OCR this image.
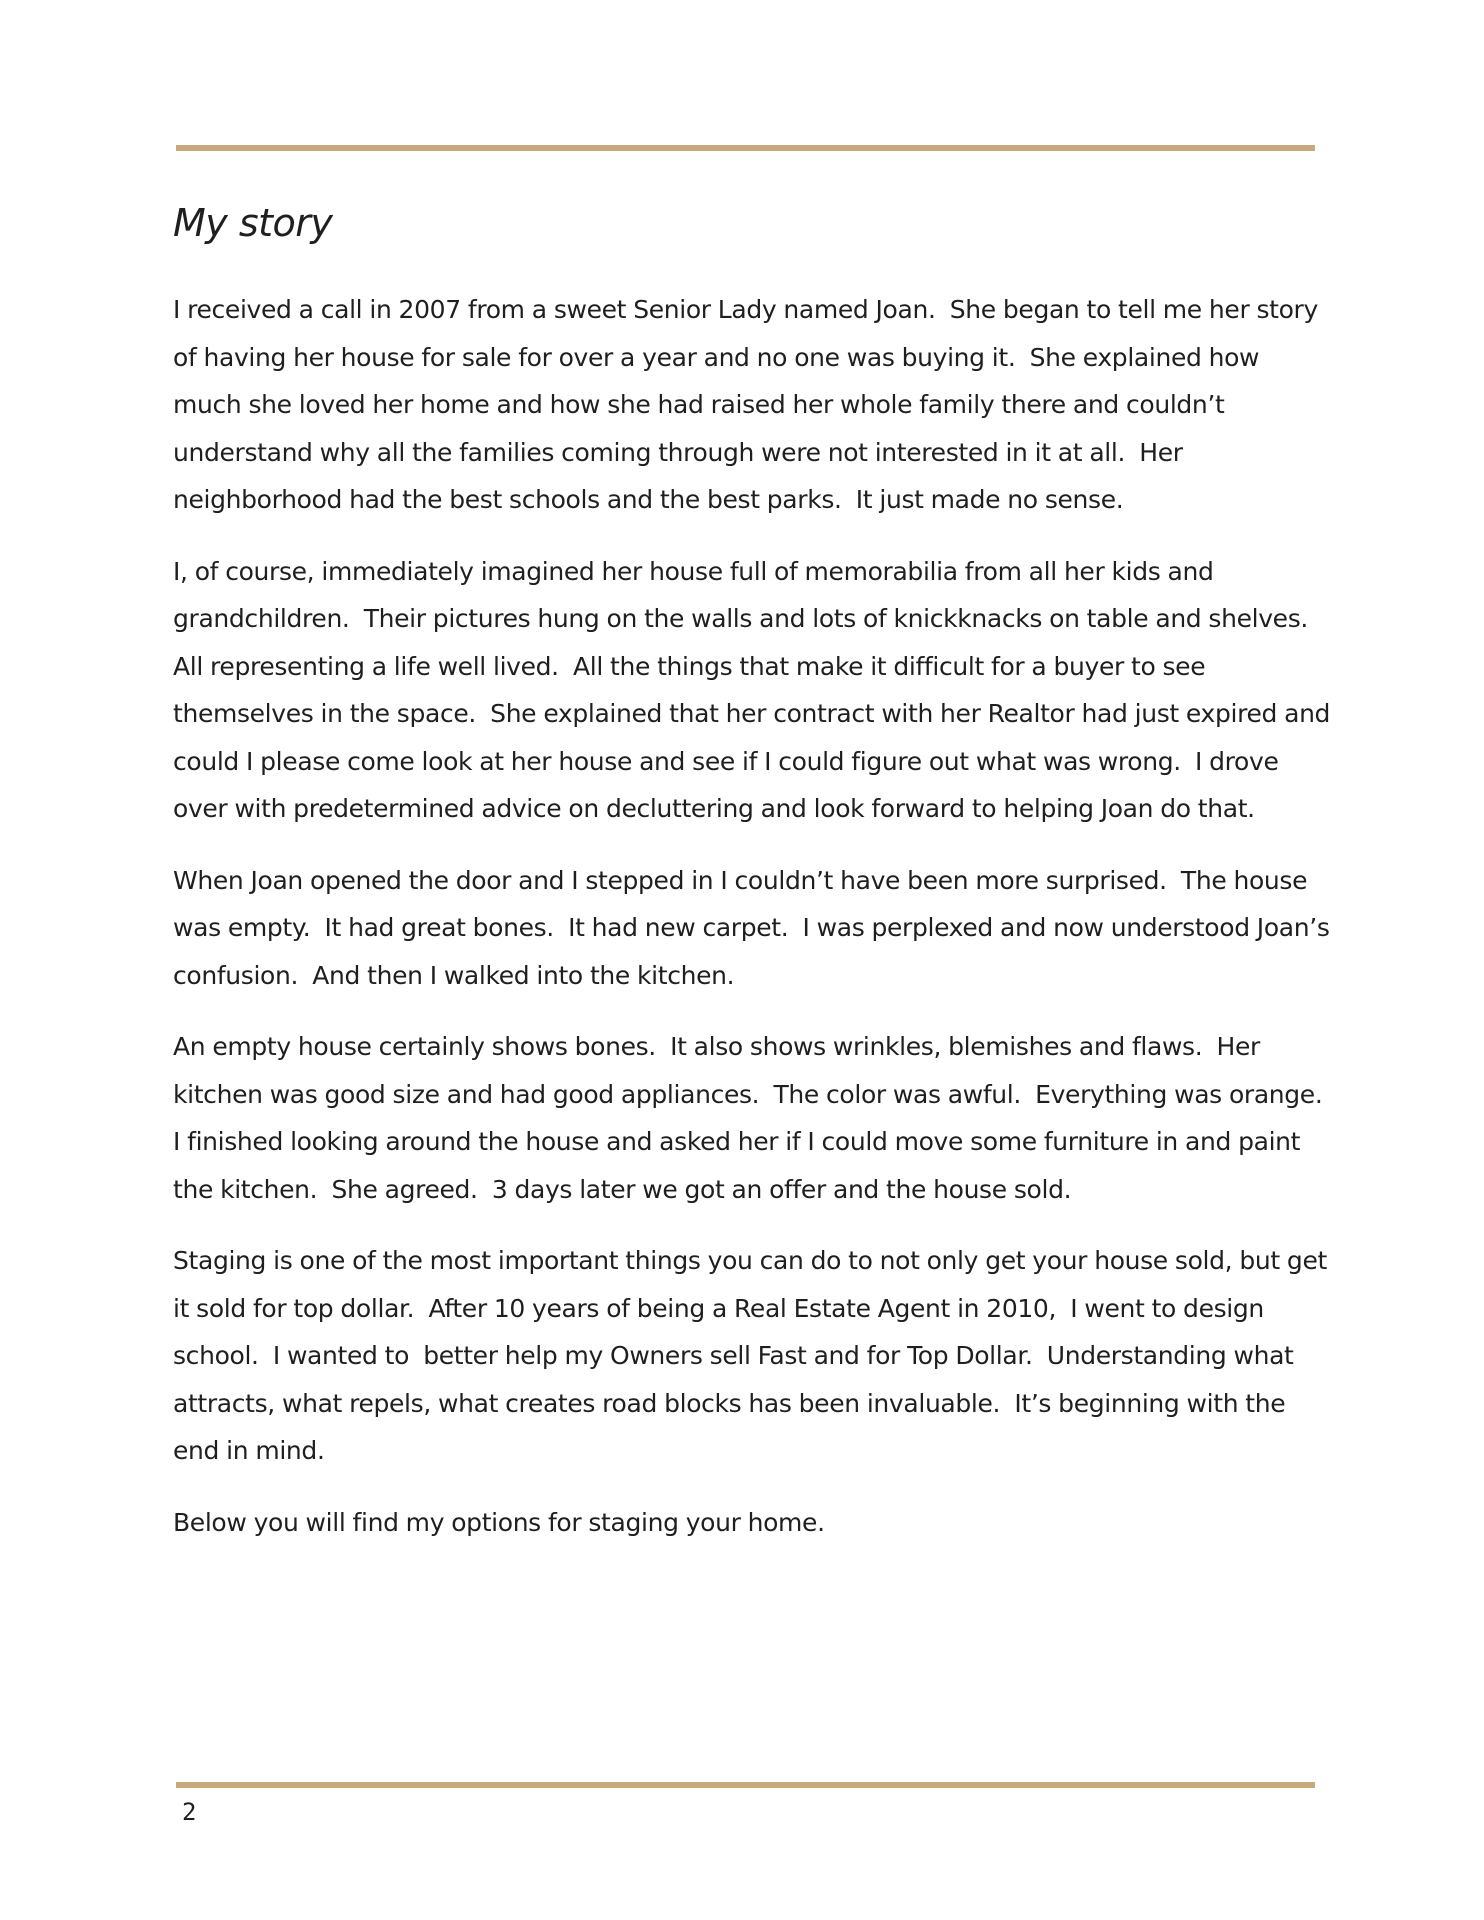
My story

I received a call in 2007 from a sweet Senior Lady named Joan.  She began to tell me her story of having her house for sale for over a year and no one was buying it.  She explained how much she loved her home and how she had raised her whole family there and couldn’t understand why all the families coming through were not interested in it at all.  Her neighborhood had the best schools and the best parks.  It just made no sense.

I, of course, immediately imagined her house full of memorabilia from all her kids and grandchildren.  Their pictures hung on the walls and lots of knickknacks on table and shelves. All representing a life well lived.  All the things that make it difficult for a buyer to see themselves in the space.  She explained that her contract with her Realtor had just expired and could I please come look at her house and see if I could figure out what was wrong.  I drove over with predetermined advice on decluttering and look forward to helping Joan do that.

When Joan opened the door and I stepped in I couldn’t have been more surprised.  The house was empty.  It had great bones.  It had new carpet.  I was perplexed and now understood Joan’s confusion.  And then I walked into the kitchen.

An empty house certainly shows bones.  It also shows wrinkles, blemishes and flaws.  Her kitchen was good size and had good appliances.  The color was awful.  Everything was orange.  I finished looking around the house and asked her if I could move some furniture in and paint the kitchen.  She agreed.  3 days later we got an offer and the house sold.

Staging is one of the most important things you can do to not only get your house sold, but get it sold for top dollar.  After 10 years of being a Real Estate Agent in 2010,  I went to design school.  I wanted to  better help my Owners sell Fast and for Top Dollar.  Understanding what attracts, what repels, what creates road blocks has been invaluable.  It’s beginning with the end in mind.

Below you will find my options for staging your home.

2
